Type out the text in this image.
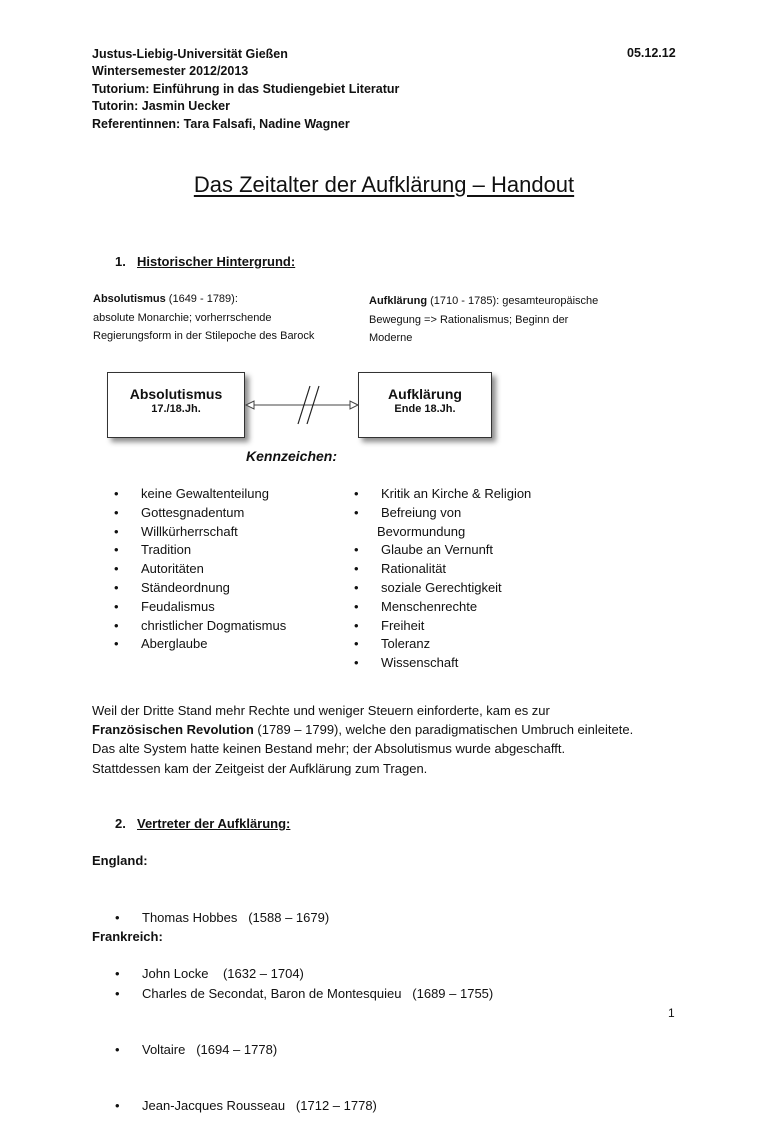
Justus-Liebig-Universität Gießen
Wintersemester 2012/2013
Tutorium: Einführung in das Studiengebiet Literatur
Tutorin: Jasmin Uecker
Referentinnen: Tara Falsafi, Nadine Wagner
05.12.12
Das Zeitalter der Aufklärung – Handout
1. Historischer Hintergrund:
Absolutismus (1649 - 1789):
absolute Monarchie; vorherrschende
Regierungsform in der Stilepoche des Barock
Aufklärung (1710 - 1785): gesamteuropäische
Bewegung => Rationalismus; Beginn der
Moderne
Absolutismus
17./18.Jh.
Aufklärung
Ende 18.Jh.
Kennzeichen:
• keine Gewaltenteilung
• Gottesgnadentum
• Willkürherrschaft
• Tradition
• Autoritäten
• Ständeordnung
• Feudalismus
• christlicher Dogmatismus
• Aberglaube
• Kritik an Kirche & Religion
• Befreiung von
Bevormundung
• Glaube an Vernunft
• Rationalität
• soziale Gerechtigkeit
• Menschenrechte
• Freiheit
• Toleranz
• Wissenschaft
Weil der Dritte Stand mehr Rechte und weniger Steuern einforderte, kam es zur
Französischen Revolution (1789 – 1799), welche den paradigmatischen Umbruch einleitete.
Das alte System hatte keinen Bestand mehr; der Absolutismus wurde abgeschafft.
Stattdessen kam der Zeitgeist der Aufklärung zum Tragen.
2. Vertreter der Aufklärung:
England:

• Thomas Hobbes   (1588 – 1679)

• John Locke    (1632 – 1704)

Frankreich:

• Charles de Secondat, Baron de Montesquieu   (1689 – 1755)

• Voltaire   (1694 – 1778)

• Jean-Jacques Rousseau   (1712 – 1778)

1
